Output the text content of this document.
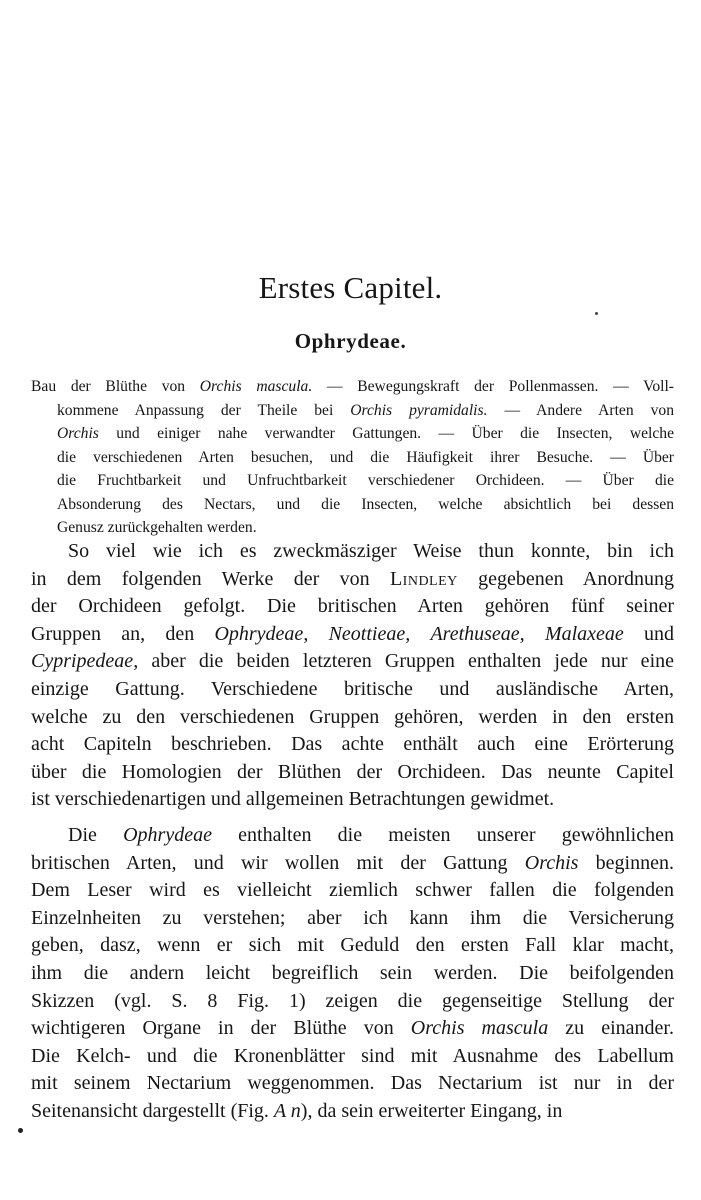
Erstes Capitel.
Ophrydeae.
Bau der Blüthe von Orchis mascula. — Bewegungskraft der Pollenmassen. — Voll-
kommene Anpassung der Theile bei Orchis pyramidalis. — Andere Arten von
Orchis und einiger nahe verwandter Gattungen. — Über die Insecten, welche
die verschiedenen Arten besuchen, und die Häufigkeit ihrer Besuche. — Über
die Fruchtbarkeit und Unfruchtbarkeit verschiedener Orchideen. — Über die
Absonderung des Nectars, und die Insecten, welche absichtlich bei dessen
Genusz zurückgehalten werden.
So viel wie ich es zweckmäsziger Weise thun konnte, bin ich
in dem folgenden Werke der von Lindley gegebenen Anordnung
der Orchideen gefolgt. Die britischen Arten gehören fünf seiner
Gruppen an, den Ophrydeae, Neottieae, Arethuseae, Malaxeae und
Cypripedeae, aber die beiden letzteren Gruppen enthalten jede nur eine
einzige Gattung. Verschiedene britische und ausländische Arten,
welche zu den verschiedenen Gruppen gehören, werden in den ersten
acht Capiteln beschrieben. Das achte enthält auch eine Erörterung
über die Homologien der Blüthen der Orchideen. Das neunte Capitel
ist verschiedenartigen und allgemeinen Betrachtungen gewidmet.
Die Ophrydeae enthalten die meisten unserer gewöhnlichen
britischen Arten, und wir wollen mit der Gattung Orchis beginnen.
Dem Leser wird es vielleicht ziemlich schwer fallen die folgenden
Einzelnheiten zu verstehen; aber ich kann ihm die Versicherung
geben, dasz, wenn er sich mit Geduld den ersten Fall klar macht,
ihm die andern leicht begreiflich sein werden. Die beifolgenden
Skizzen (vgl. S. 8 Fig. 1) zeigen die gegenseitige Stellung der
wichtigeren Organe in der Blüthe von Orchis mascula zu einander.
Die Kelch- und die Kronenblätter sind mit Ausnahme des Labellum
mit seinem Nectarium weggenommen. Das Nectarium ist nur in der
Seitenansicht dargestellt (Fig. A n), da sein erweiterter Eingang, in
